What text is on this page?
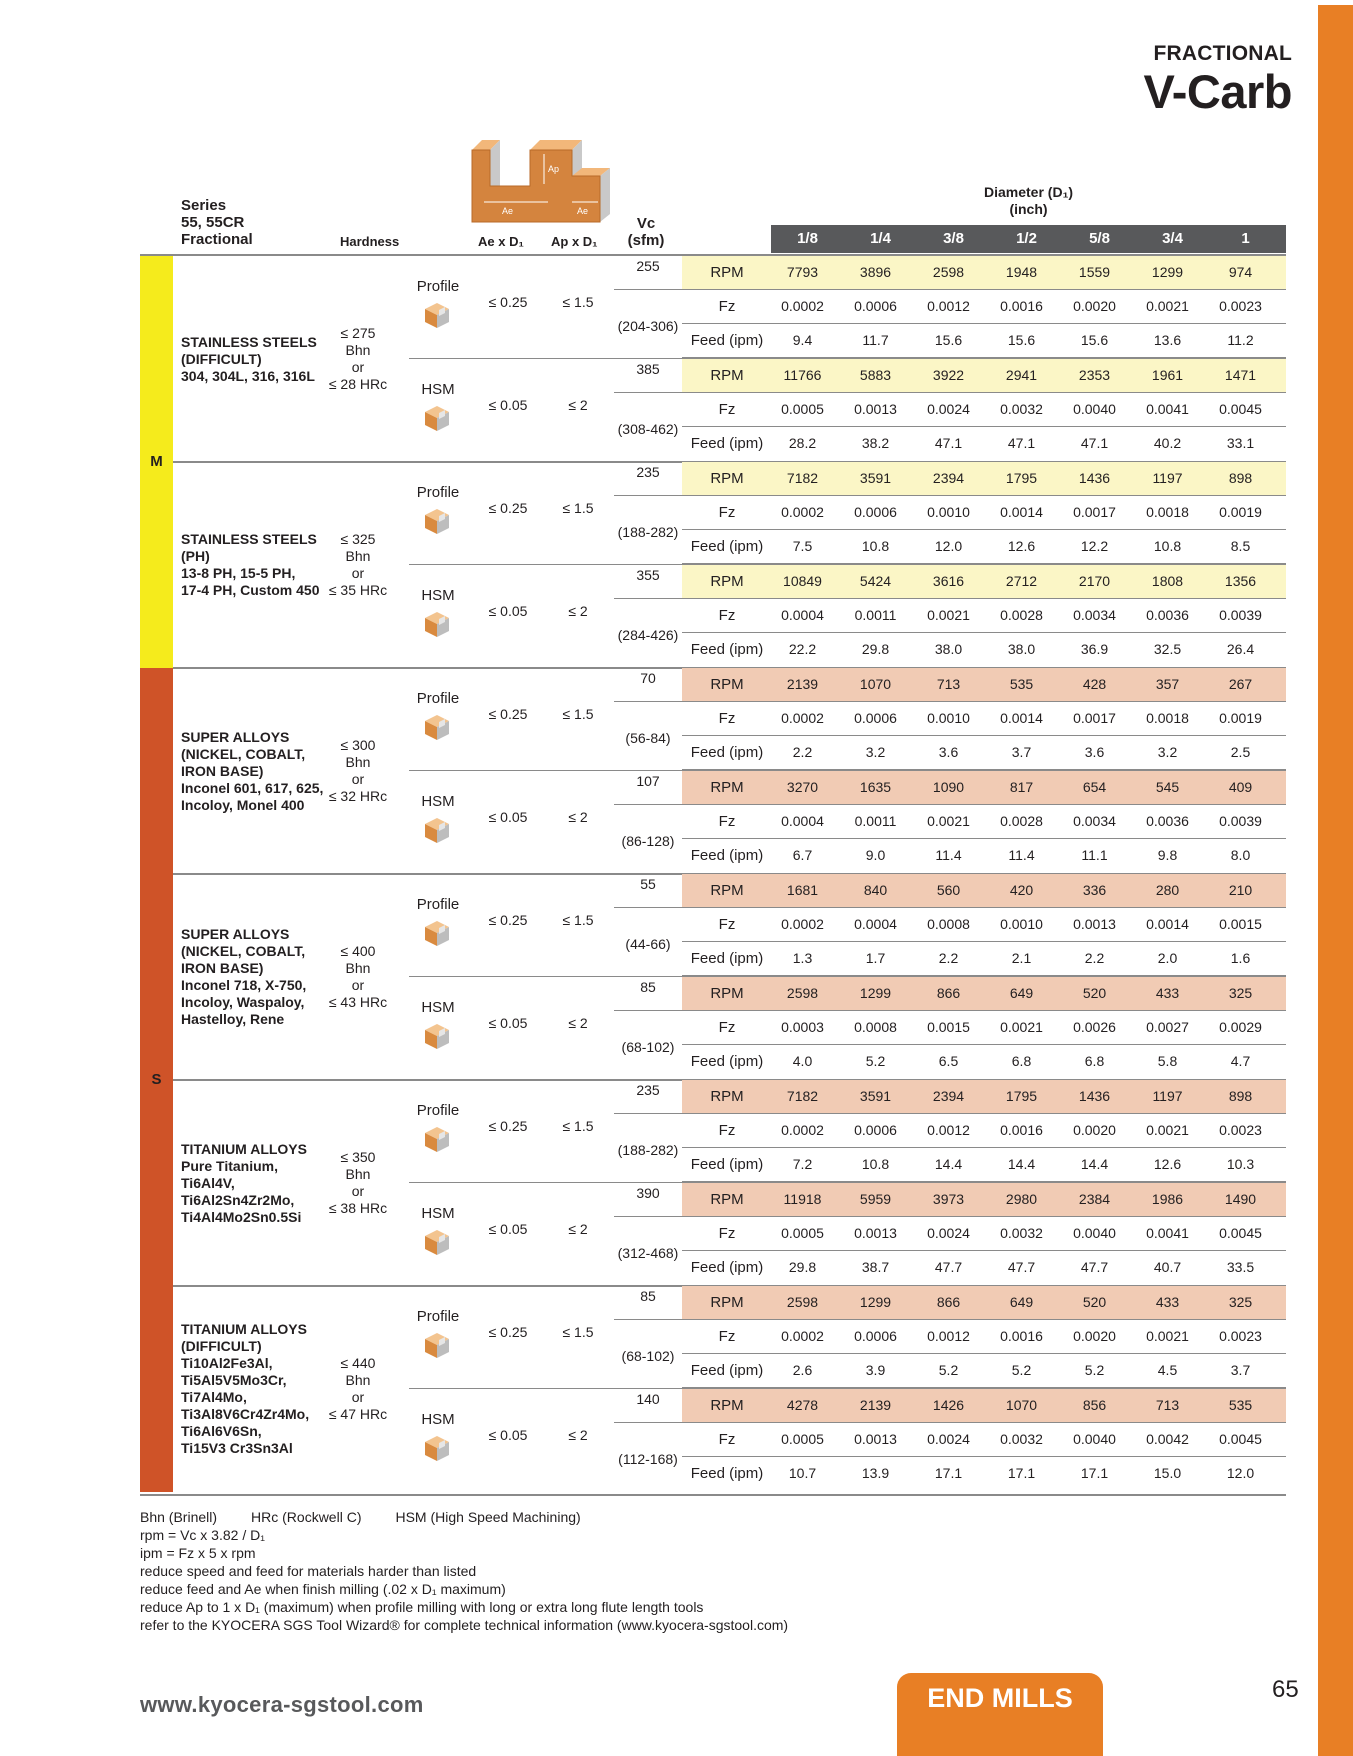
FRACTIONAL
V-Carb
Series
55, 55CR
Fractional	Hardness	Ae x D₁ Ap x D₁
Vc
(sfm)
Ap
Ae	Ae
Diameter (D₁)
(inch)
1/8	1/4	3/8	1/2	5/8	3/4	1
M
S
STAINLESS STEELS
(DIFFICULT)
304, 304L, 316, 316L
≤ 275 Bhn
or
≤ 28 HRc
Profile
≤ 0.25	≤ 1.5
255
(204-306)
RPM	7793	3896	2598	1948	1559	1299	974
Fz	0.0002	0.0006	0.0012	0.0016	0.0020	0.0021	0.0023
Feed (ipm)	9.4	11.7	15.6	15.6	15.6	13.6	11.2
HSM
≤ 0.05	≤ 2
385
(308-462)
RPM	11766	5883	3922	2941	2353	1961	1471
Fz	0.0005	0.0013	0.0024	0.0032	0.0040	0.0041	0.0045
Feed (ipm)	28.2	38.2	47.1	47.1	47.1	40.2	33.1
STAINLESS STEELS
(PH)
13-8 PH, 15-5 PH,
17-4 PH, Custom 450
≤ 325 Bhn
or
≤ 35 HRc
Profile
≤ 0.25	≤ 1.5
235
(188-282)
RPM	7182	3591	2394	1795	1436	1197	898
Fz	0.0002	0.0006	0.0010	0.0014	0.0017	0.0018	0.0019
Feed (ipm)	7.5	10.8	12.0	12.6	12.2	10.8	8.5
HSM
≤ 0.05	≤ 2
355
(284-426)
RPM	10849	5424	3616	2712	2170	1808	1356
Fz	0.0004	0.0011	0.0021	0.0028	0.0034	0.0036	0.0039
Feed (ipm)	22.2	29.8	38.0	38.0	36.9	32.5	26.4
SUPER ALLOYS
(NICKEL, COBALT,
IRON BASE)
Inconel 601, 617, 625,
Incoloy, Monel 400
≤ 300 Bhn
or
≤ 32 HRc
Profile
≤ 0.25	≤ 1.5
70
(56-84)
RPM	2139	1070	713	535	428	357	267
Fz	0.0002	0.0006	0.0010	0.0014	0.0017	0.0018	0.0019
Feed (ipm)	2.2	3.2	3.6	3.7	3.6	3.2	2.5
HSM
≤ 0.05	≤ 2
107
(86-128)
RPM	3270	1635	1090	817	654	545	409
Fz	0.0004	0.0011	0.0021	0.0028	0.0034	0.0036	0.0039
Feed (ipm)	6.7	9.0	11.4	11.4	11.1	9.8	8.0
SUPER ALLOYS
(NICKEL, COBALT,
IRON BASE)
Inconel 718, X-750,
Incoloy, Waspaloy,
Hastelloy, Rene
≤ 400 Bhn
or
≤ 43 HRc
Profile
≤ 0.25	≤ 1.5
55
(44-66)
RPM	1681	840	560	420	336	280	210
Fz	0.0002	0.0004	0.0008	0.0010	0.0013	0.0014	0.0015
Feed (ipm)	1.3	1.7	2.2	2.1	2.2	2.0	1.6
HSM
≤ 0.05	≤ 2
85
(68-102)
RPM	2598	1299	866	649	520	433	325
Fz	0.0003	0.0008	0.0015	0.0021	0.0026	0.0027	0.0029
Feed (ipm)	4.0	5.2	6.5	6.8	6.8	5.8	4.7
TITANIUM ALLOYS
Pure Titanium,
Ti6Al4V,
Ti6Al2Sn4Zr2Mo,
Ti4Al4Mo2Sn0.5Si
≤ 350 Bhn
or
≤ 38 HRc
Profile
≤ 0.25	≤ 1.5
235
(188-282)
RPM	7182	3591	2394	1795	1436	1197	898
Fz	0.0002	0.0006	0.0012	0.0016	0.0020	0.0021	0.0023
Feed (ipm)	7.2	10.8	14.4	14.4	14.4	12.6	10.3
HSM
≤ 0.05	≤ 2
390
(312-468)
RPM	11918	5959	3973	2980	2384	1986	1490
Fz	0.0005	0.0013	0.0024	0.0032	0.0040	0.0041	0.0045
Feed (ipm)	29.8	38.7	47.7	47.7	47.7	40.7	33.5
TITANIUM ALLOYS
(DIFFICULT)
Ti10Al2Fe3Al,
Ti5Al5V5Mo3Cr,
Ti7Al4Mo,
Ti3Al8V6Cr4Zr4Mo,
Ti6Al6V6Sn,
Ti15V3 Cr3Sn3Al
≤ 440 Bhn
or
≤ 47 HRc
Profile
≤ 0.25	≤ 1.5
85
(68-102)
RPM	2598	1299	866	649	520	433	325
Fz	0.0002	0.0006	0.0012	0.0016	0.0020	0.0021	0.0023
Feed (ipm)	2.6	3.9	5.2	5.2	5.2	4.5	3.7
HSM
≤ 0.05	≤ 2
140
(112-168)
RPM	4278	2139	1426	1070	856	713	535
Fz	0.0005	0.0013	0.0024	0.0032	0.0040	0.0042	0.0045
Feed (ipm)	10.7	13.9	17.1	17.1	17.1	15.0	12.0
Bhn (Brinell) HRc (Rockwell C) HSM (High Speed Machining)
rpm = Vc x 3.82 / D₁
ipm = Fz x 5 x rpm
reduce speed and feed for materials harder than listed
reduce feed and Ae when finish milling (.02 x D₁ maximum)
reduce Ap to 1 x D₁ (maximum) when profile milling with long or extra long flute length tools
refer to the KYOCERA SGS Tool Wizard® for complete technical information (www.kyocera-sgstool.com)
www.kyocera-sgstool.com	END MILLS	65
